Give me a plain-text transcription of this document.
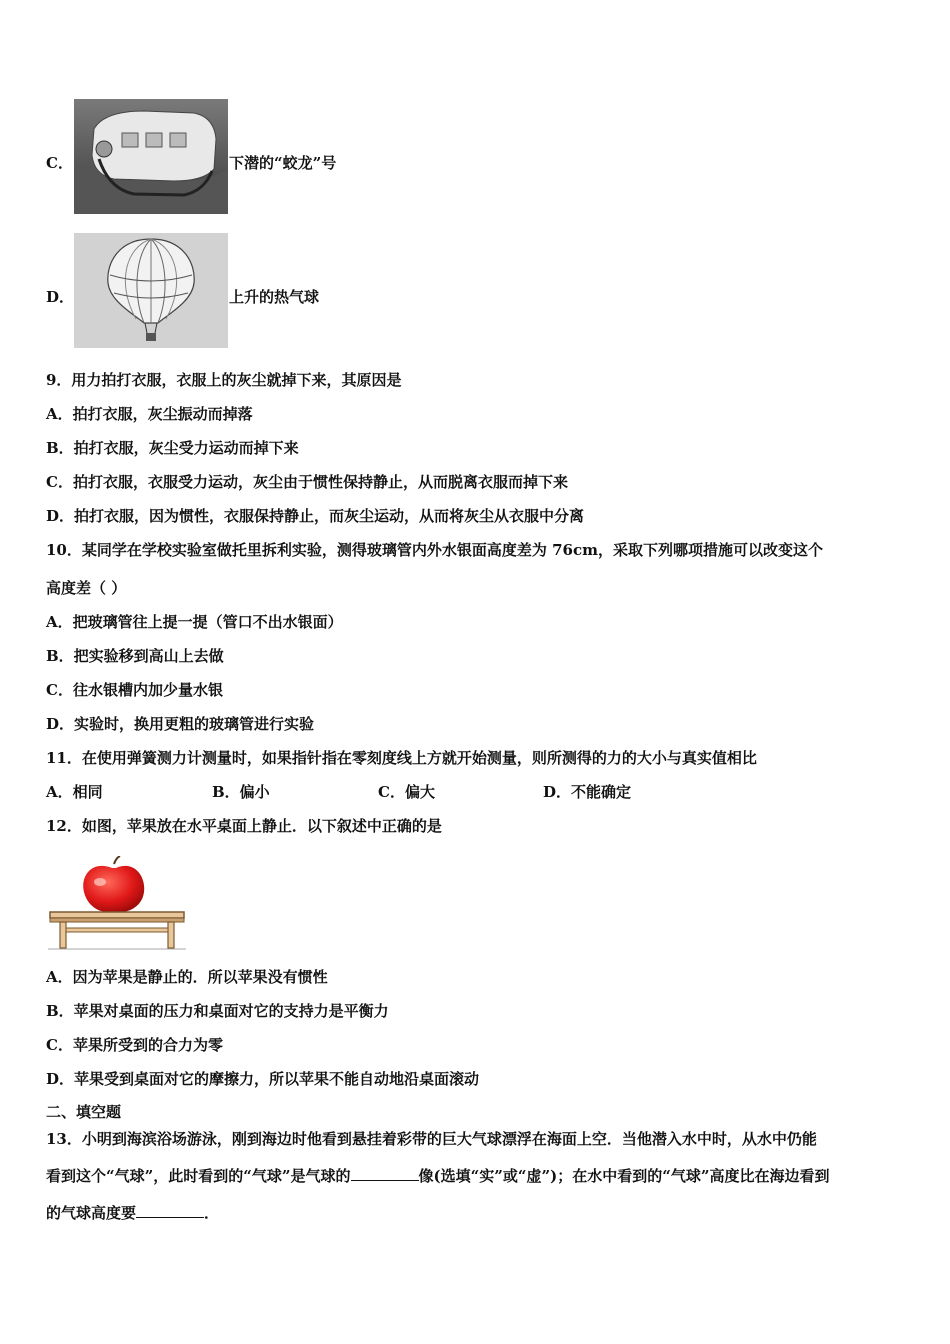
C．	下潜的“蛟龙”号
D．	上升的热气球
9．用力拍打衣服，衣服上的灰尘就掉下来，其原因是
A．拍打衣服，灰尘振动而掉落
B．拍打衣服，灰尘受力运动而掉下来
C．拍打衣服，衣服受力运动，灰尘由于惯性保持静止，从而脱离衣服而掉下来
D．拍打衣服，因为惯性，衣服保持静止，而灰尘运动，从而将灰尘从衣服中分离
10．某同学在学校实验室做托里拆利实验，测得玻璃管内外水银面高度差为 76cm，采取下列哪项措施可以改变这个
高度差（ ）
A．把玻璃管往上提一提（管口不出水银面）
B．把实验移到高山上去做
C．往水银槽内加少量水银
D．实验时，换用更粗的玻璃管进行实验
11．在使用弹簧测力计测量时，如果指针指在零刻度线上方就开始测量，则所测得的力的大小与真实值相比
A．相同	B．偏小	C．偏大	D．不能确定
12．如图，苹果放在水平桌面上静止．以下叙述中正确的是
A．因为苹果是静止的．所以苹果没有惯性
B．苹果对桌面的压力和桌面对它的支持力是平衡力
C．苹果所受到的合力为零
D．苹果受到桌面对它的摩擦力，所以苹果不能自动地沿桌面滚动
二、填空题
13．小明到海滨浴场游泳，刚到海边时他看到悬挂着彩带的巨大气球漂浮在海面上空．当他潜入水中时，从水中仍能
看到这个“气球”，此时看到的“气球”是气球的	像(选填“实”或“虚”)；在水中看到的“气球”高度比在海边看到
的气球高度要	．
